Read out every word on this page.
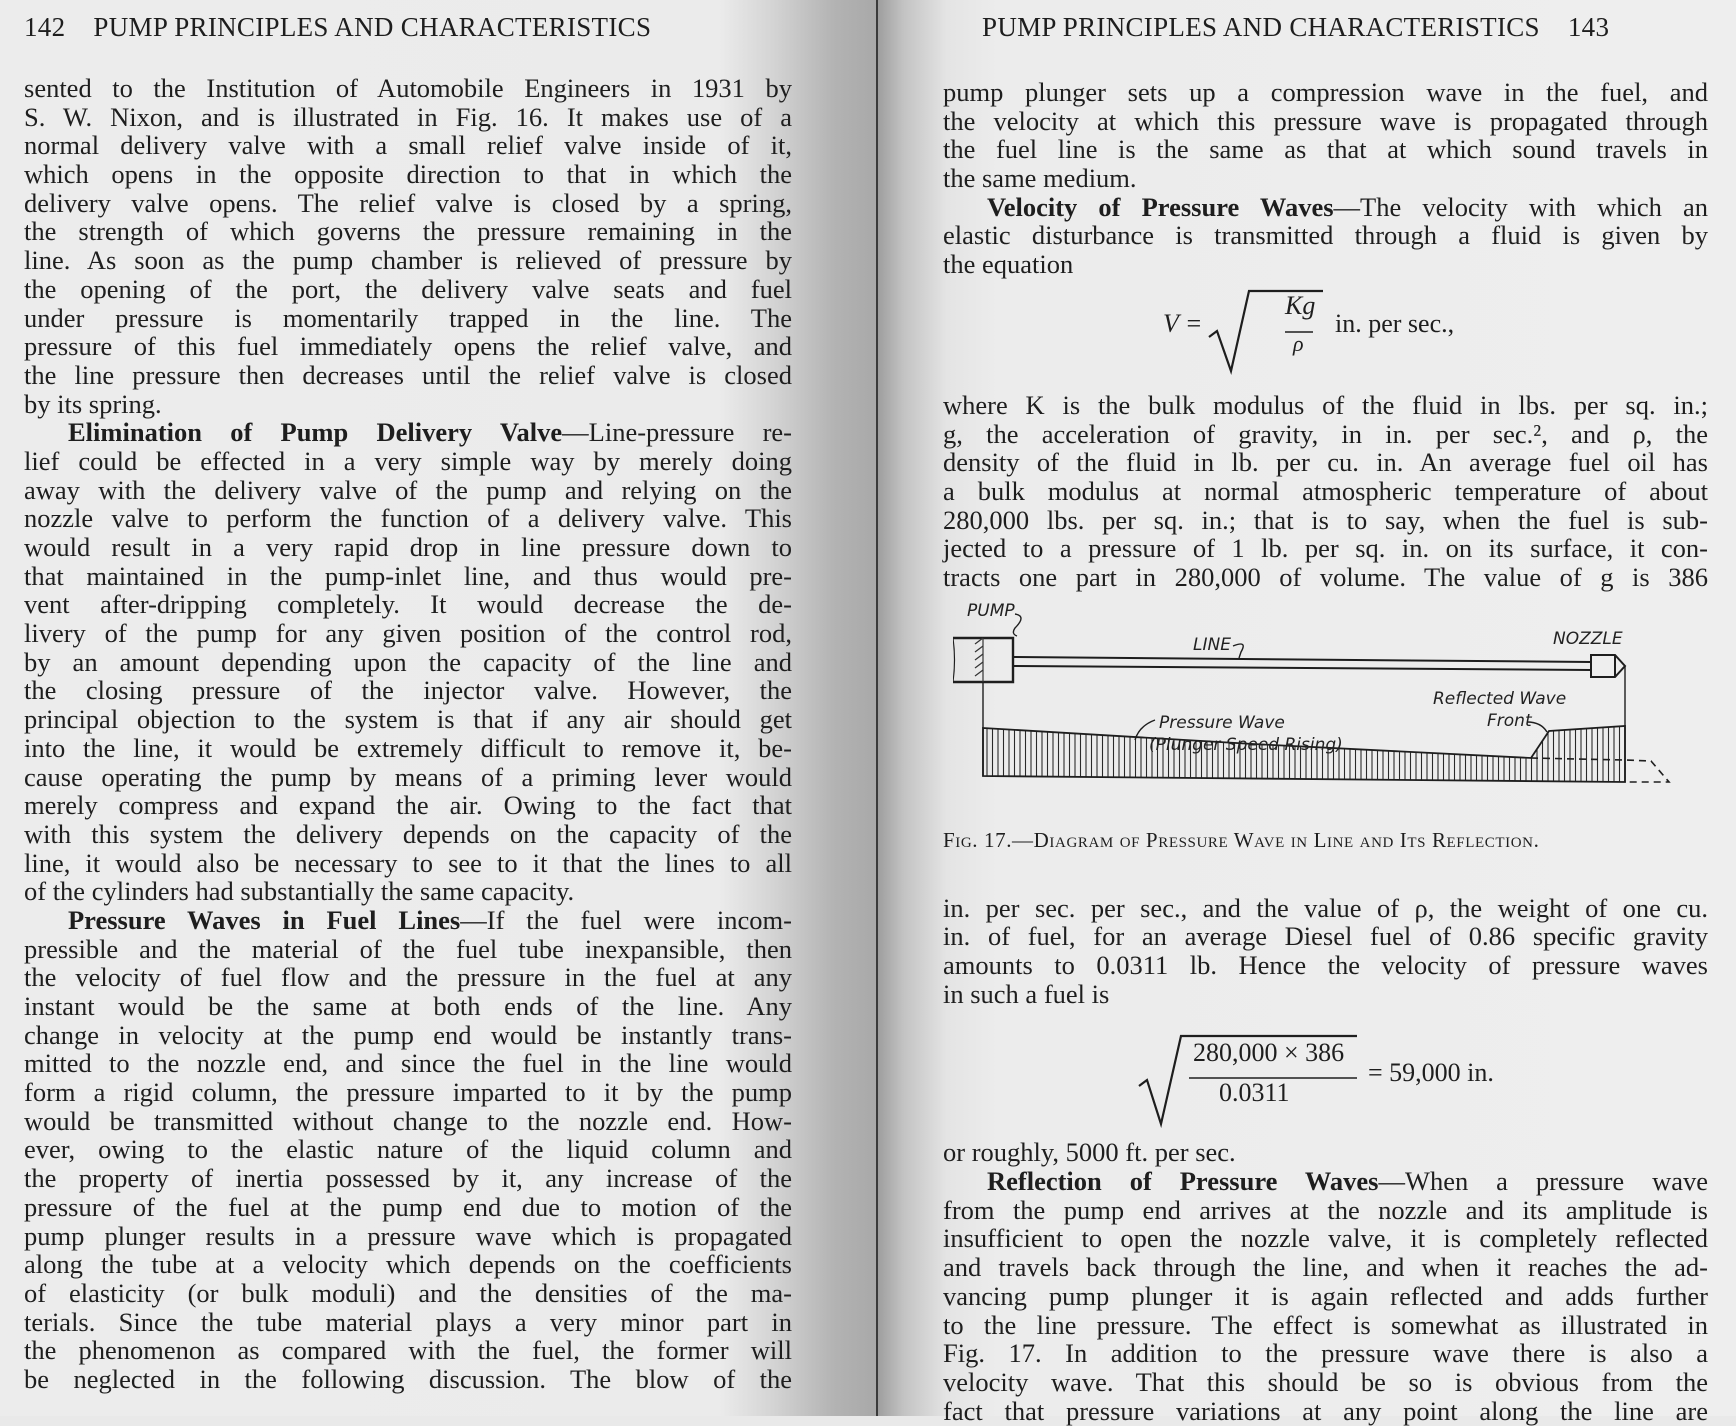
142 PUMP PRINCIPLES AND CHARACTERISTICS
sented to the Institution of Automobile Engineers in 1931 by
S. W. Nixon, and is illustrated in Fig. 16. It makes use of a
normal delivery valve with a small relief valve inside of it,
which opens in the opposite direction to that in which the
delivery valve opens. The relief valve is closed by a spring,
the strength of which governs the pressure remaining in the
line. As soon as the pump chamber is relieved of pressure by
the opening of the port, the delivery valve seats and fuel
under pressure is momentarily trapped in the line. The
pressure of this fuel immediately opens the relief valve, and
the line pressure then decreases until the relief valve is closed
by its spring.
Elimination of Pump Delivery Valve—Line-pressure re-
lief could be effected in a very simple way by merely doing
away with the delivery valve of the pump and relying on the
nozzle valve to perform the function of a delivery valve. This
would result in a very rapid drop in line pressure down to
that maintained in the pump-inlet line, and thus would pre-
vent after-dripping completely. It would decrease the de-
livery of the pump for any given position of the control rod,
by an amount depending upon the capacity of the line and
the closing pressure of the injector valve. However, the
principal objection to the system is that if any air should get
into the line, it would be extremely difficult to remove it, be-
cause operating the pump by means of a priming lever would
merely compress and expand the air. Owing to the fact that
with this system the delivery depends on the capacity of the
line, it would also be necessary to see to it that the lines to all
of the cylinders had substantially the same capacity.
Pressure Waves in Fuel Lines—If the fuel were incom-
pressible and the material of the fuel tube inexpansible, then
the velocity of fuel flow and the pressure in the fuel at any
instant would be the same at both ends of the line. Any
change in velocity at the pump end would be instantly trans-
mitted to the nozzle end, and since the fuel in the line would
form a rigid column, the pressure imparted to it by the pump
would be transmitted without change to the nozzle end. How-
ever, owing to the elastic nature of the liquid column and
the property of inertia possessed by it, any increase of the
pressure of the fuel at the pump end due to motion of the
pump plunger results in a pressure wave which is propagated
along the tube at a velocity which depends on the coefficients
of elasticity (or bulk moduli) and the densities of the ma-
terials. Since the tube material plays a very minor part in
the phenomenon as compared with the fuel, the former will
be neglected in the following discussion. The blow of the
PUMP PRINCIPLES AND CHARACTERISTICS 143
pump plunger sets up a compression wave in the fuel, and
the velocity at which this pressure wave is propagated through
the fuel line is the same as that at which sound travels in
the same medium.
Velocity of Pressure Waves—The velocity with which an
elastic disturbance is transmitted through a fluid is given by
the equation
V =
Kg
ρ
in. per sec.,
where K is the bulk modulus of the fluid in lbs. per sq. in.;
g, the acceleration of gravity, in in. per sec.², and ρ, the
density of the fluid in lb. per cu. in. An average fuel oil has
a bulk modulus at normal atmospheric temperature of about
280,000 lbs. per sq. in.; that is to say, when the fuel is sub-
jected to a pressure of 1 lb. per sq. in. on its surface, it con-
tracts one part in 280,000 of volume. The value of g is 386
PUMP
LINE	NOZZLE
Reflected Wave
Front
Pressure Wave
(Plunger Speed Rising)
Fig. 17.—Diagram of Pressure Wave in Line and Its Reflection.
in. per sec. per sec., and the value of ρ, the weight of one cu.
in. of fuel, for an average Diesel fuel of 0.86 specific gravity
amounts to 0.0311 lb. Hence the velocity of pressure waves
in such a fuel is
280,000 × 386
0.0311
= 59,000 in.
or roughly, 5000 ft. per sec.
Reflection of Pressure Waves—When a pressure wave
from the pump end arrives at the nozzle and its amplitude is
insufficient to open the nozzle valve, it is completely reflected
and travels back through the line, and when it reaches the ad-
vancing pump plunger it is again reflected and adds further
to the line pressure. The effect is somewhat as illustrated in
Fig. 17. In addition to the pressure wave there is also a
velocity wave. That this should be so is obvious from the
fact that pressure variations at any point along the line are
